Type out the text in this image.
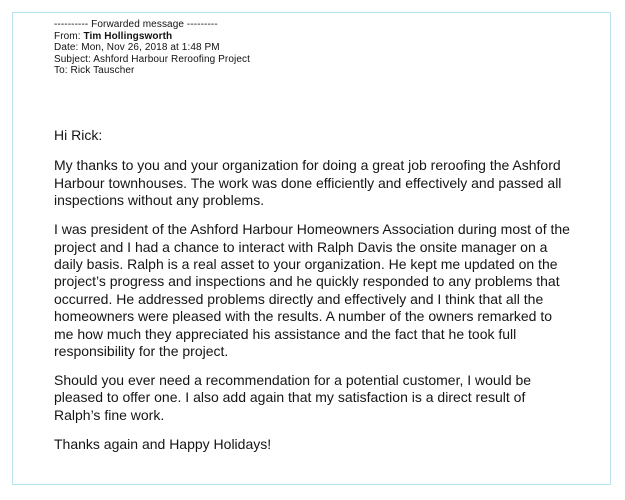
---------- Forwarded message ---------
From: Tim Hollingsworth
Date: Mon, Nov 26, 2018 at 1:48 PM
Subject: Ashford Harbour Reroofing Project
To: Rick Tauscher

Hi Rick:

My thanks to you and your organization for doing a great job reroofing the Ashford Harbour townhouses. The work was done efficiently and effectively and passed all inspections without any problems.

I was president of the Ashford Harbour Homeowners Association during most of the project and I had a chance to interact with Ralph Davis the onsite manager on a daily basis. Ralph is a real asset to your organization. He kept me updated on the project’s progress and inspections and he quickly responded to any problems that occurred. He addressed problems directly and effectively and I think that all the homeowners were pleased with the results. A number of the owners remarked to me how much they appreciated his assistance and the fact that he took full responsibility for the project.

Should you ever need a recommendation for a potential customer, I would be pleased to offer one. I also add again that my satisfaction is a direct result of Ralph’s fine work.

Thanks again and Happy Holidays!
